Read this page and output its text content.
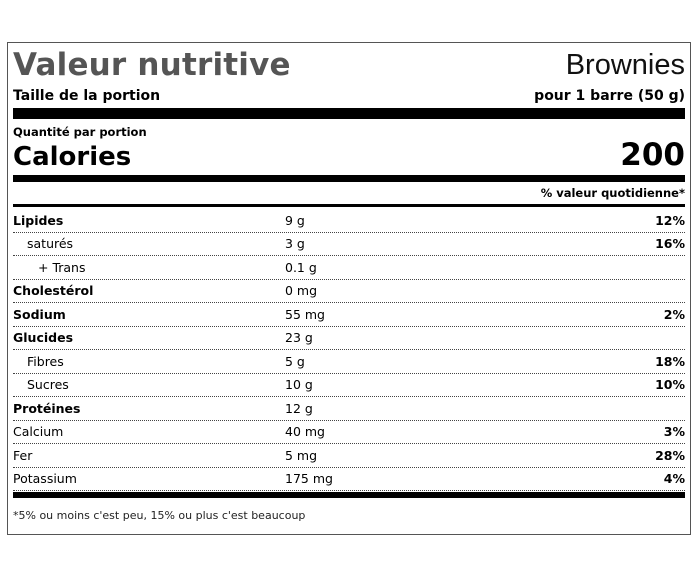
Valeur nutritive	Brownies
Taille de la portion	pour 1 barre (50 g)
Quantité par portion
Calories	200
% valeur quotidienne*
Lipides	9 g	12%
saturés	3 g	16%
+ Trans	0.1 g
Cholestérol	0 mg
Sodium	55 mg	2%
Glucides	23 g
Fibres	5 g	18%
Sucres	10 g	10%
Protéines	12 g
Calcium	40 mg	3%
Fer	5 mg	28%
Potassium	175 mg	4%
*5% ou moins c'est peu, 15% ou plus c'est beaucoup
